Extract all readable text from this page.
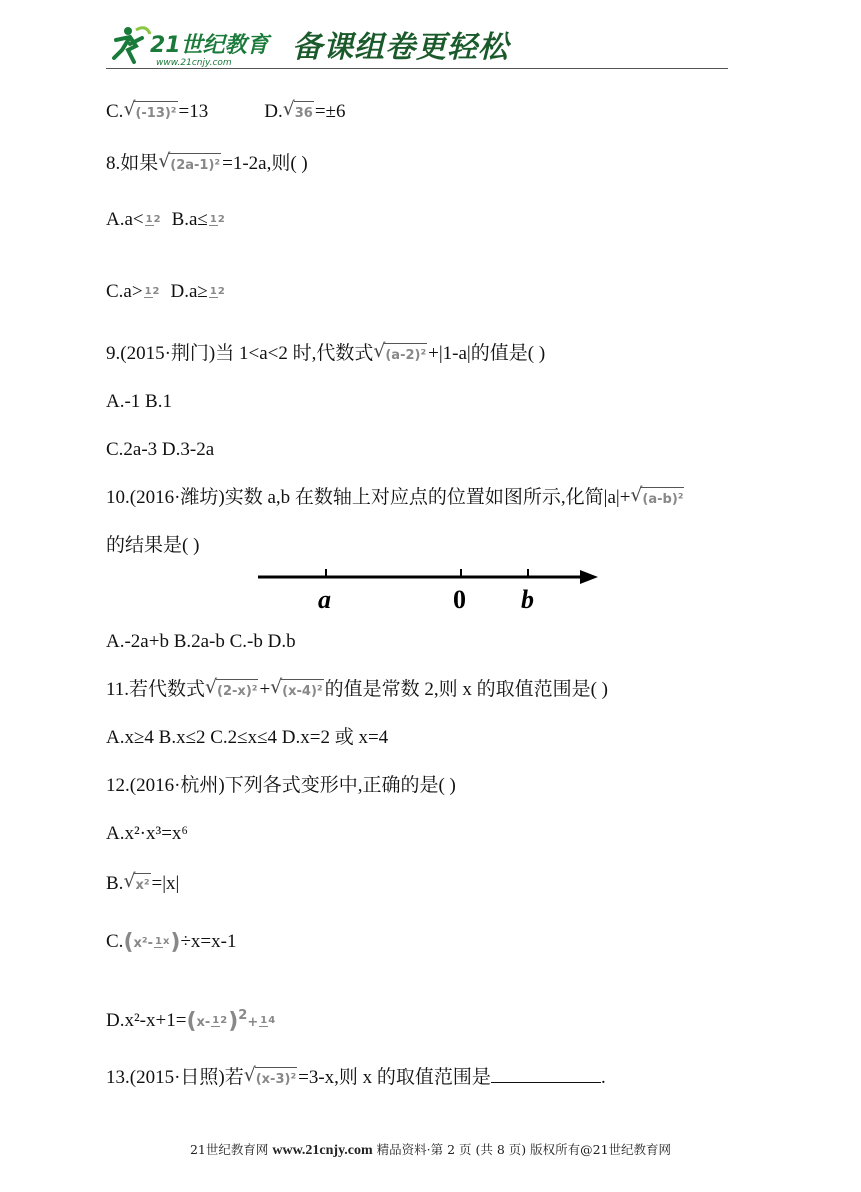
21世纪教育
www.21cnjy.com 备课组卷更轻松
C. √ (-13)² =13	D. √ 36 =±6
8.如果 √ (2a-1)² =1-2a,则( )
A.a< 12 B.a≤ 12
C.a> 12 D.a≥ 12
9.(2015·荆门)当 1<a<2 时,代数式 √ (a-2)² +|1-a|的值是( )
A.-1 B.1
C.2a-3 D.3-2a
10.(2016·潍坊)实数 a,b 在数轴上对应点的位置如图所示,化简|a|+ √ (a-b)²
的结果是( )
a	0 b
A.-2a+b B.2a-b C.-b D.b
11.若代数式 √ (2-x)² + √ (x-4)² 的值是常数 2,则 x 的取值范围是( )
A.x≥4 B.x≤2 C.2≤x≤4 D.x=2 或 x=4
12.(2016·杭州)下列各式变形中,正确的是( )
A.x²·x³=x⁶
B. √ x² =|x|
C.(x²- 1x)÷x=x-1
D.x²-x+1=(x- 12)$^2$+ 14
13.(2015·日照)若 √ (x-3)² =3-x,则 x 的取值范围是	.
21世纪教育网 www.21cnjy.com 精品资料·第 2 页 (共 8 页) 版权所有@21世纪教育网
